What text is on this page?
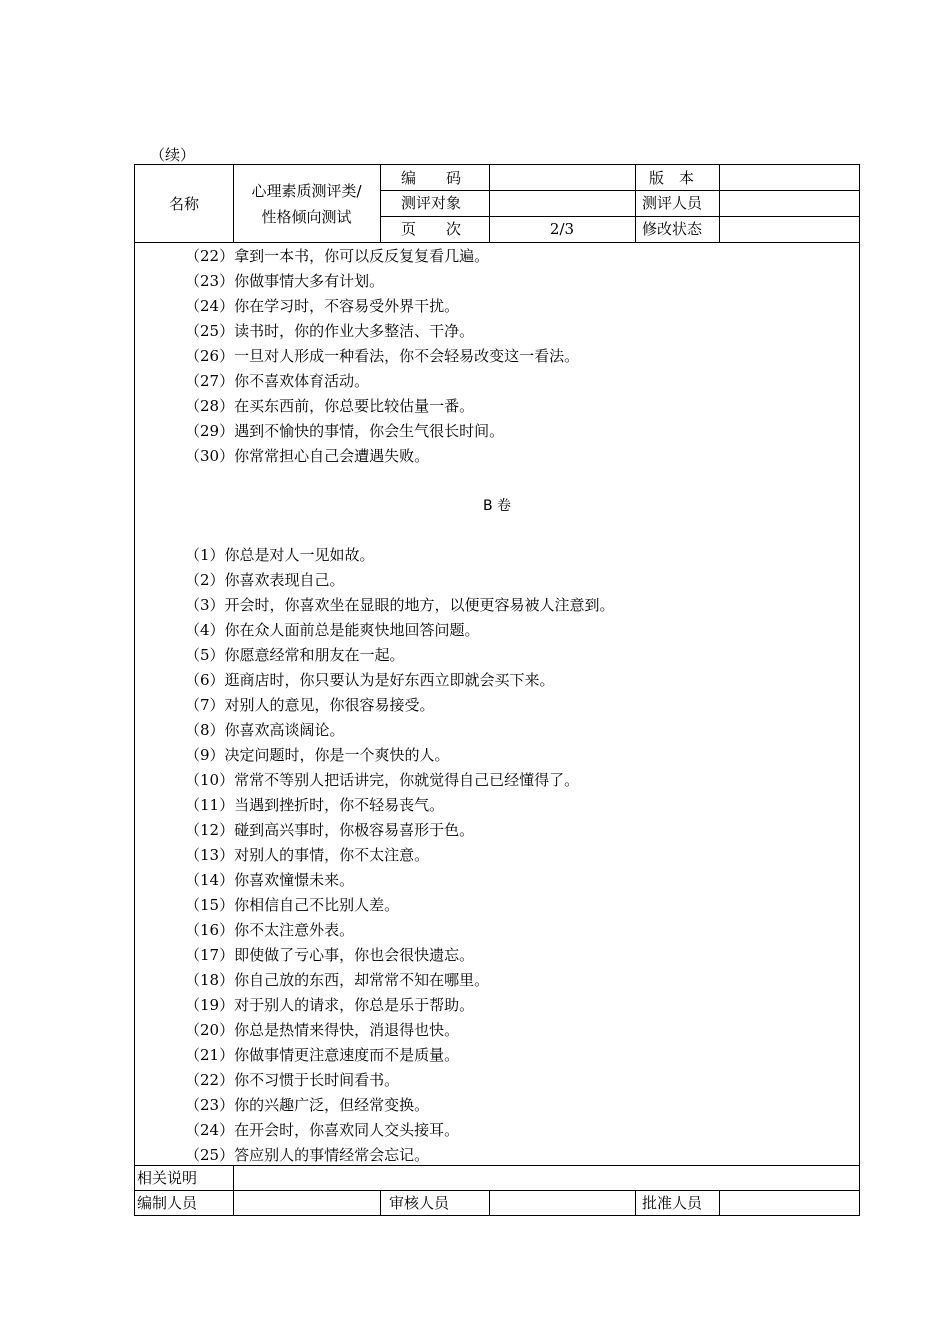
（续）
名称
心理素质测评类/
性格倾向测试
编　　码	版　本
测评对象	测评人员
页　　次	2/3	修改状态
（22）拿到一本书，你可以反反复复看几遍。
（23）你做事情大多有计划。
（24）你在学习时，不容易受外界干扰。
（25）读书时，你的作业大多整洁、干净。
（26）一旦对人形成一种看法，你不会轻易改变这一看法。
（27）你不喜欢体育活动。
（28）在买东西前，你总要比较估量一番。
（29）遇到不愉快的事情，你会生气很长时间。
（30）你常常担心自己会遭遇失败。
B 卷
（1）你总是对人一见如故。
（2）你喜欢表现自己。
（3）开会时，你喜欢坐在显眼的地方，以便更容易被人注意到。
（4）你在众人面前总是能爽快地回答问题。
（5）你愿意经常和朋友在一起。
（6）逛商店时，你只要认为是好东西立即就会买下来。
（7）对别人的意见，你很容易接受。
（8）你喜欢高谈阔论。
（9）决定问题时，你是一个爽快的人。
（10）常常不等别人把话讲完，你就觉得自己已经懂得了。
（11）当遇到挫折时，你不轻易丧气。
（12）碰到高兴事时，你极容易喜形于色。
（13）对别人的事情，你不太注意。
（14）你喜欢憧憬未来。
（15）你相信自己不比别人差。
（16）你不太注意外表。
（17）即使做了亏心事，你也会很快遗忘。
（18）你自己放的东西，却常常不知在哪里。
（19）对于别人的请求，你总是乐于帮助。
（20）你总是热情来得快，消退得也快。
（21）你做事情更注意速度而不是质量。
（22）你不习惯于长时间看书。
（23）你的兴趣广泛，但经常变换。
（24）在开会时，你喜欢同人交头接耳。
（25）答应别人的事情经常会忘记。
相关说明
编制人员	审核人员	批准人员
